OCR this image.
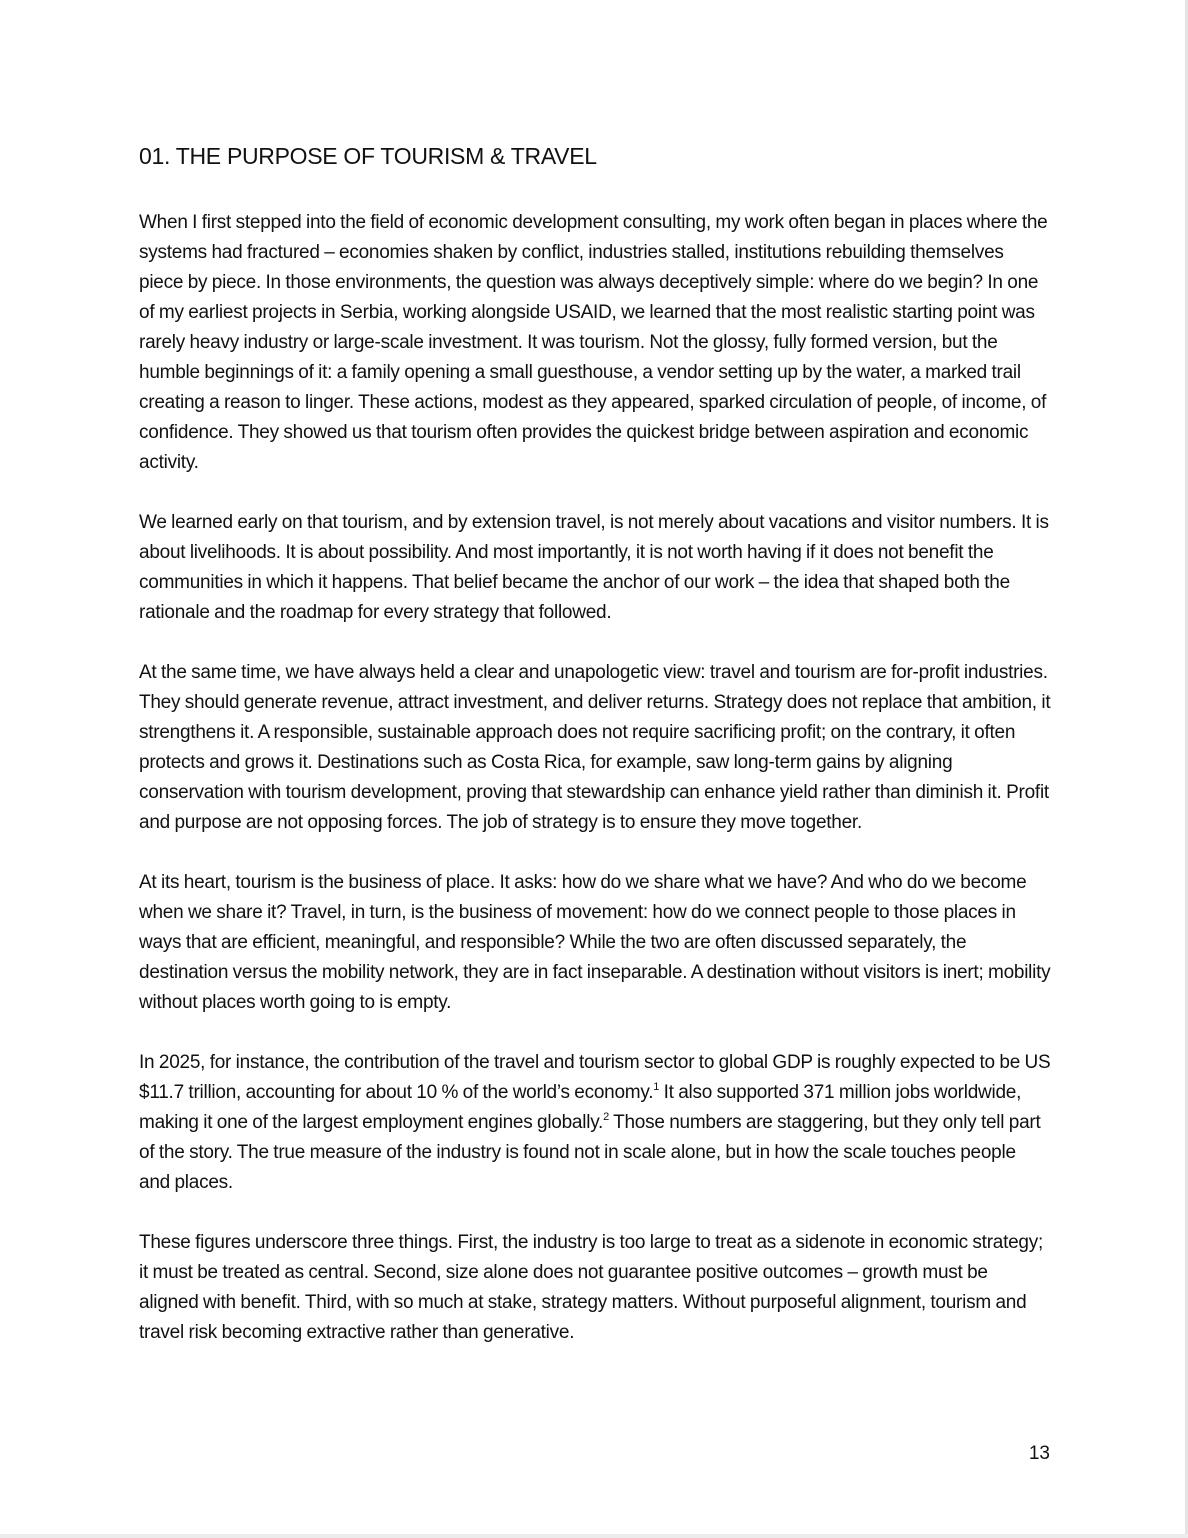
01. THE PURPOSE OF TOURISM & TRAVEL

When I first stepped into the field of economic development consulting, my work often began in places where the systems had fractured – economies shaken by conflict, industries stalled, institutions rebuilding themselves piece by piece. In those environments, the question was always deceptively simple: where do we begin? In one of my earliest projects in Serbia, working alongside USAID, we learned that the most realistic starting point was rarely heavy industry or large-scale investment. It was tourism. Not the glossy, fully formed version, but the humble beginnings of it: a family opening a small guesthouse, a vendor setting up by the water, a marked trail creating a reason to linger. These actions, modest as they appeared, sparked circulation of people, of income, of confidence. They showed us that tourism often provides the quickest bridge between aspiration and economic activity.

We learned early on that tourism, and by extension travel, is not merely about vacations and visitor numbers. It is about livelihoods. It is about possibility. And most importantly, it is not worth having if it does not benefit the communities in which it happens. That belief became the anchor of our work – the idea that shaped both the rationale and the roadmap for every strategy that followed.

At the same time, we have always held a clear and unapologetic view: travel and tourism are for-profit industries. They should generate revenue, attract investment, and deliver returns. Strategy does not replace that ambition, it strengthens it. A responsible, sustainable approach does not require sacrificing profit; on the contrary, it often protects and grows it. Destinations such as Costa Rica, for example, saw long-term gains by aligning conservation with tourism development, proving that stewardship can enhance yield rather than diminish it. Profit and purpose are not opposing forces. The job of strategy is to ensure they move together.

At its heart, tourism is the business of place. It asks: how do we share what we have? And who do we become when we share it? Travel, in turn, is the business of movement: how do we connect people to those places in ways that are efficient, meaningful, and responsible? While the two are often discussed separately, the destination versus the mobility network, they are in fact inseparable. A destination without visitors is inert; mobility without places worth going to is empty.

In 2025, for instance, the contribution of the travel and tourism sector to global GDP is roughly expected to be US $11.7 trillion, accounting for about 10 % of the world’s economy.$^1$ It also supported 371 million jobs worldwide, making it one of the largest employment engines globally.$^2$ Those numbers are staggering, but they only tell part of the story. The true measure of the industry is found not in scale alone, but in how the scale touches people and places.

These figures underscore three things. First, the industry is too large to treat as a sidenote in economic strategy; it must be treated as central. Second, size alone does not guarantee positive outcomes – growth must be aligned with benefit. Third, with so much at stake, strategy matters. Without purposeful alignment, tourism and travel risk becoming extractive rather than generative.

13
